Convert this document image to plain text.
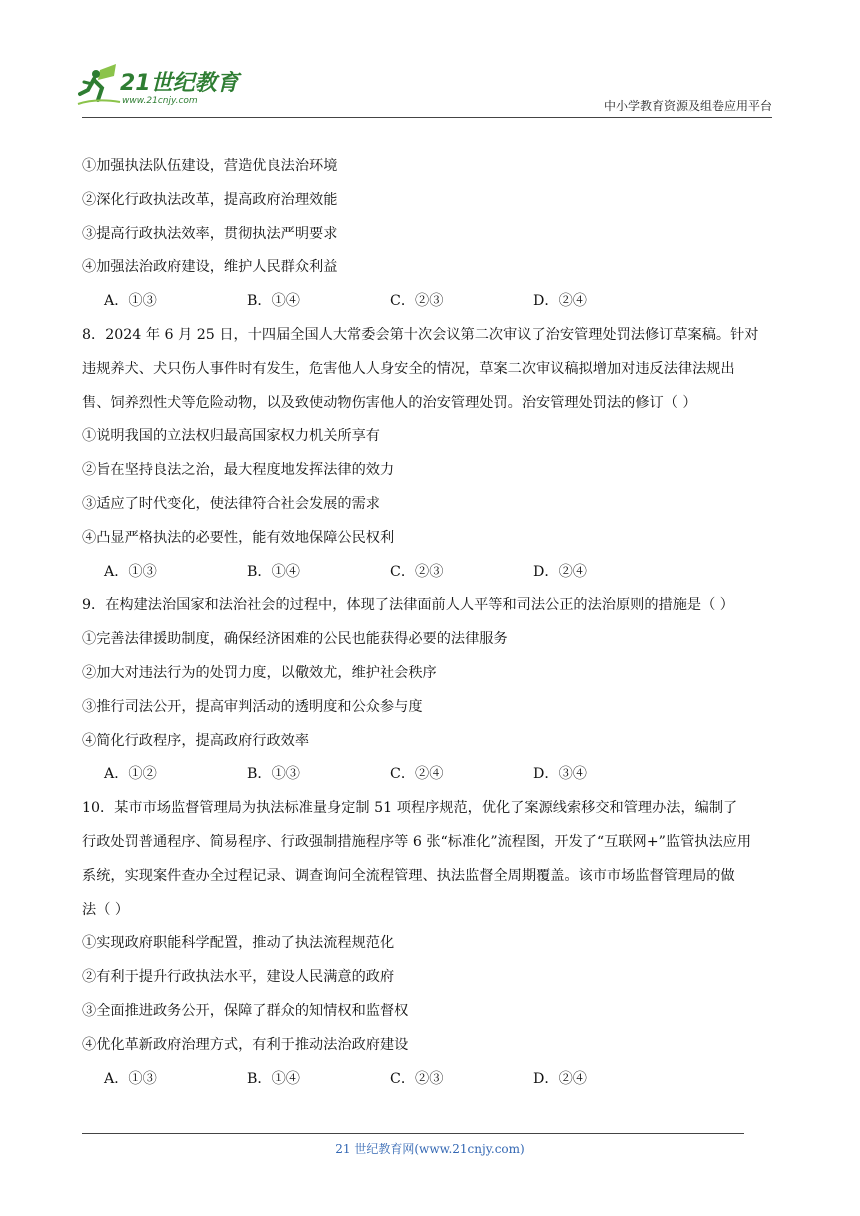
21世纪教育
www.21cnjy.com	中小学教育资源及组卷应用平台
①加强执法队伍建设，营造优良法治环境
②深化行政执法改革，提高政府治理效能
③提高行政执法效率，贯彻执法严明要求
④加强法治政府建设，维护人民群众利益
A．①③	B．①④	C．②③	D．②④
8．2024 年 6 月 25 日，十四届全国人大常委会第十次会议第二次审议了治安管理处罚法修订草案稿。针对
违规养犬、犬只伤人事件时有发生，危害他人人身安全的情况，草案二次审议稿拟增加对违反法律法规出
售、饲养烈性犬等危险动物，以及致使动物伤害他人的治安管理处罚。治安管理处罚法的修订（ ）
①说明我国的立法权归最高国家权力机关所享有
②旨在坚持良法之治，最大程度地发挥法律的效力
③适应了时代变化，使法律符合社会发展的需求
④凸显严格执法的必要性，能有效地保障公民权利
A．①③	B．①④	C．②③	D．②④
9．在构建法治国家和法治社会的过程中，体现了法律面前人人平等和司法公正的法治原则的措施是（ ）
①完善法律援助制度，确保经济困难的公民也能获得必要的法律服务
②加大对违法行为的处罚力度，以儆效尤，维护社会秩序
③推行司法公开，提高审判活动的透明度和公众参与度
④简化行政程序，提高政府行政效率
A．①②	B．①③	C．②④	D．③④
10．某市市场监督管理局为执法标准量身定制 51 项程序规范，优化了案源线索移交和管理办法，编制了
行政处罚普通程序、简易程序、行政强制措施程序等 6 张“标准化”流程图，开发了“互联网+”监管执法应用
系统，实现案件查办全过程记录、调查询问全流程管理、执法监督全周期覆盖。该市市场监督管理局的做
法（ ）
①实现政府职能科学配置，推动了执法流程规范化
②有利于提升行政执法水平，建设人民满意的政府
③全面推进政务公开，保障了群众的知情权和监督权
④优化革新政府治理方式，有利于推动法治政府建设
A．①③	B．①④	C．②③	D．②④
21 世纪教育网(www.21cnjy.com)
